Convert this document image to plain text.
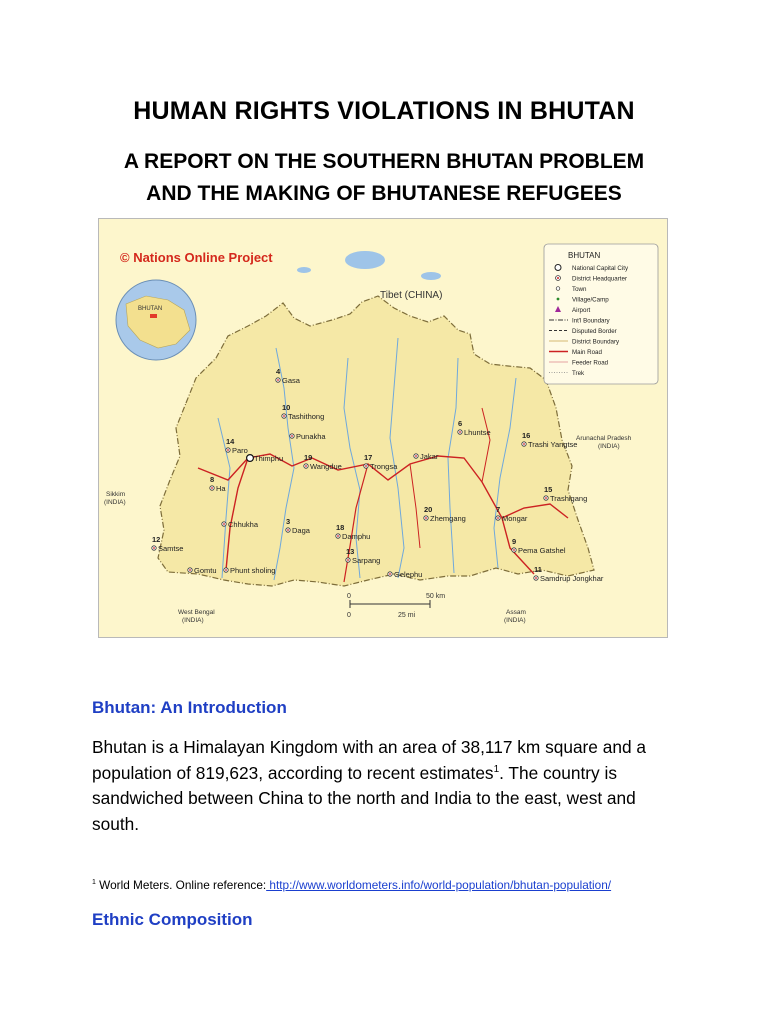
HUMAN RIGHTS VIOLATIONS IN BHUTAN
A REPORT ON THE SOUTHERN BHUTAN PROBLEM
AND THE MAKING OF BHUTANESE REFUGEES
Tibet (CHINA)
Arunachal Pradesh
(INDIA)
Sikkim
(INDIA)
West Bengal
(INDIA)
Assam
(INDIA)
© Nations Online Project
BHUTAN
BHUTAN
National Capital City
District Headquarter
Town
Village/Camp
Airport
Int'l Boundary
Disputed Border
District Boundary
Main Road
Feeder Road
Trek
Gasa
4
Tashithong
10
Punakha
Thimphu
Paro
14
Ha
8
Wangdue
19
Trongsa
17	Jakar
Lhuntse
6
Trashi Yangtse
16
Trashigang
15
Mongar
7
Zhemgang
20
Chhukha
Daga
3
Damphu
18
Samtse
12
Phunt sholing
Gomtu
Sarpang
13
Gelephu
Pema Gatshel
9
Samdrup Jongkhar
11
0	50 km
0	25 mi
Bhutan: An Introduction

Bhutan is a Himalayan Kingdom with an area of 38,117 km square and a population of 819,623, according to recent estimates$^1$. The country is sandwiched between China to the north and India to the east, west and south.

$^1$ World Meters. Online reference: http://www.worldometers.info/world-population/bhutan-population/

Ethnic Composition
